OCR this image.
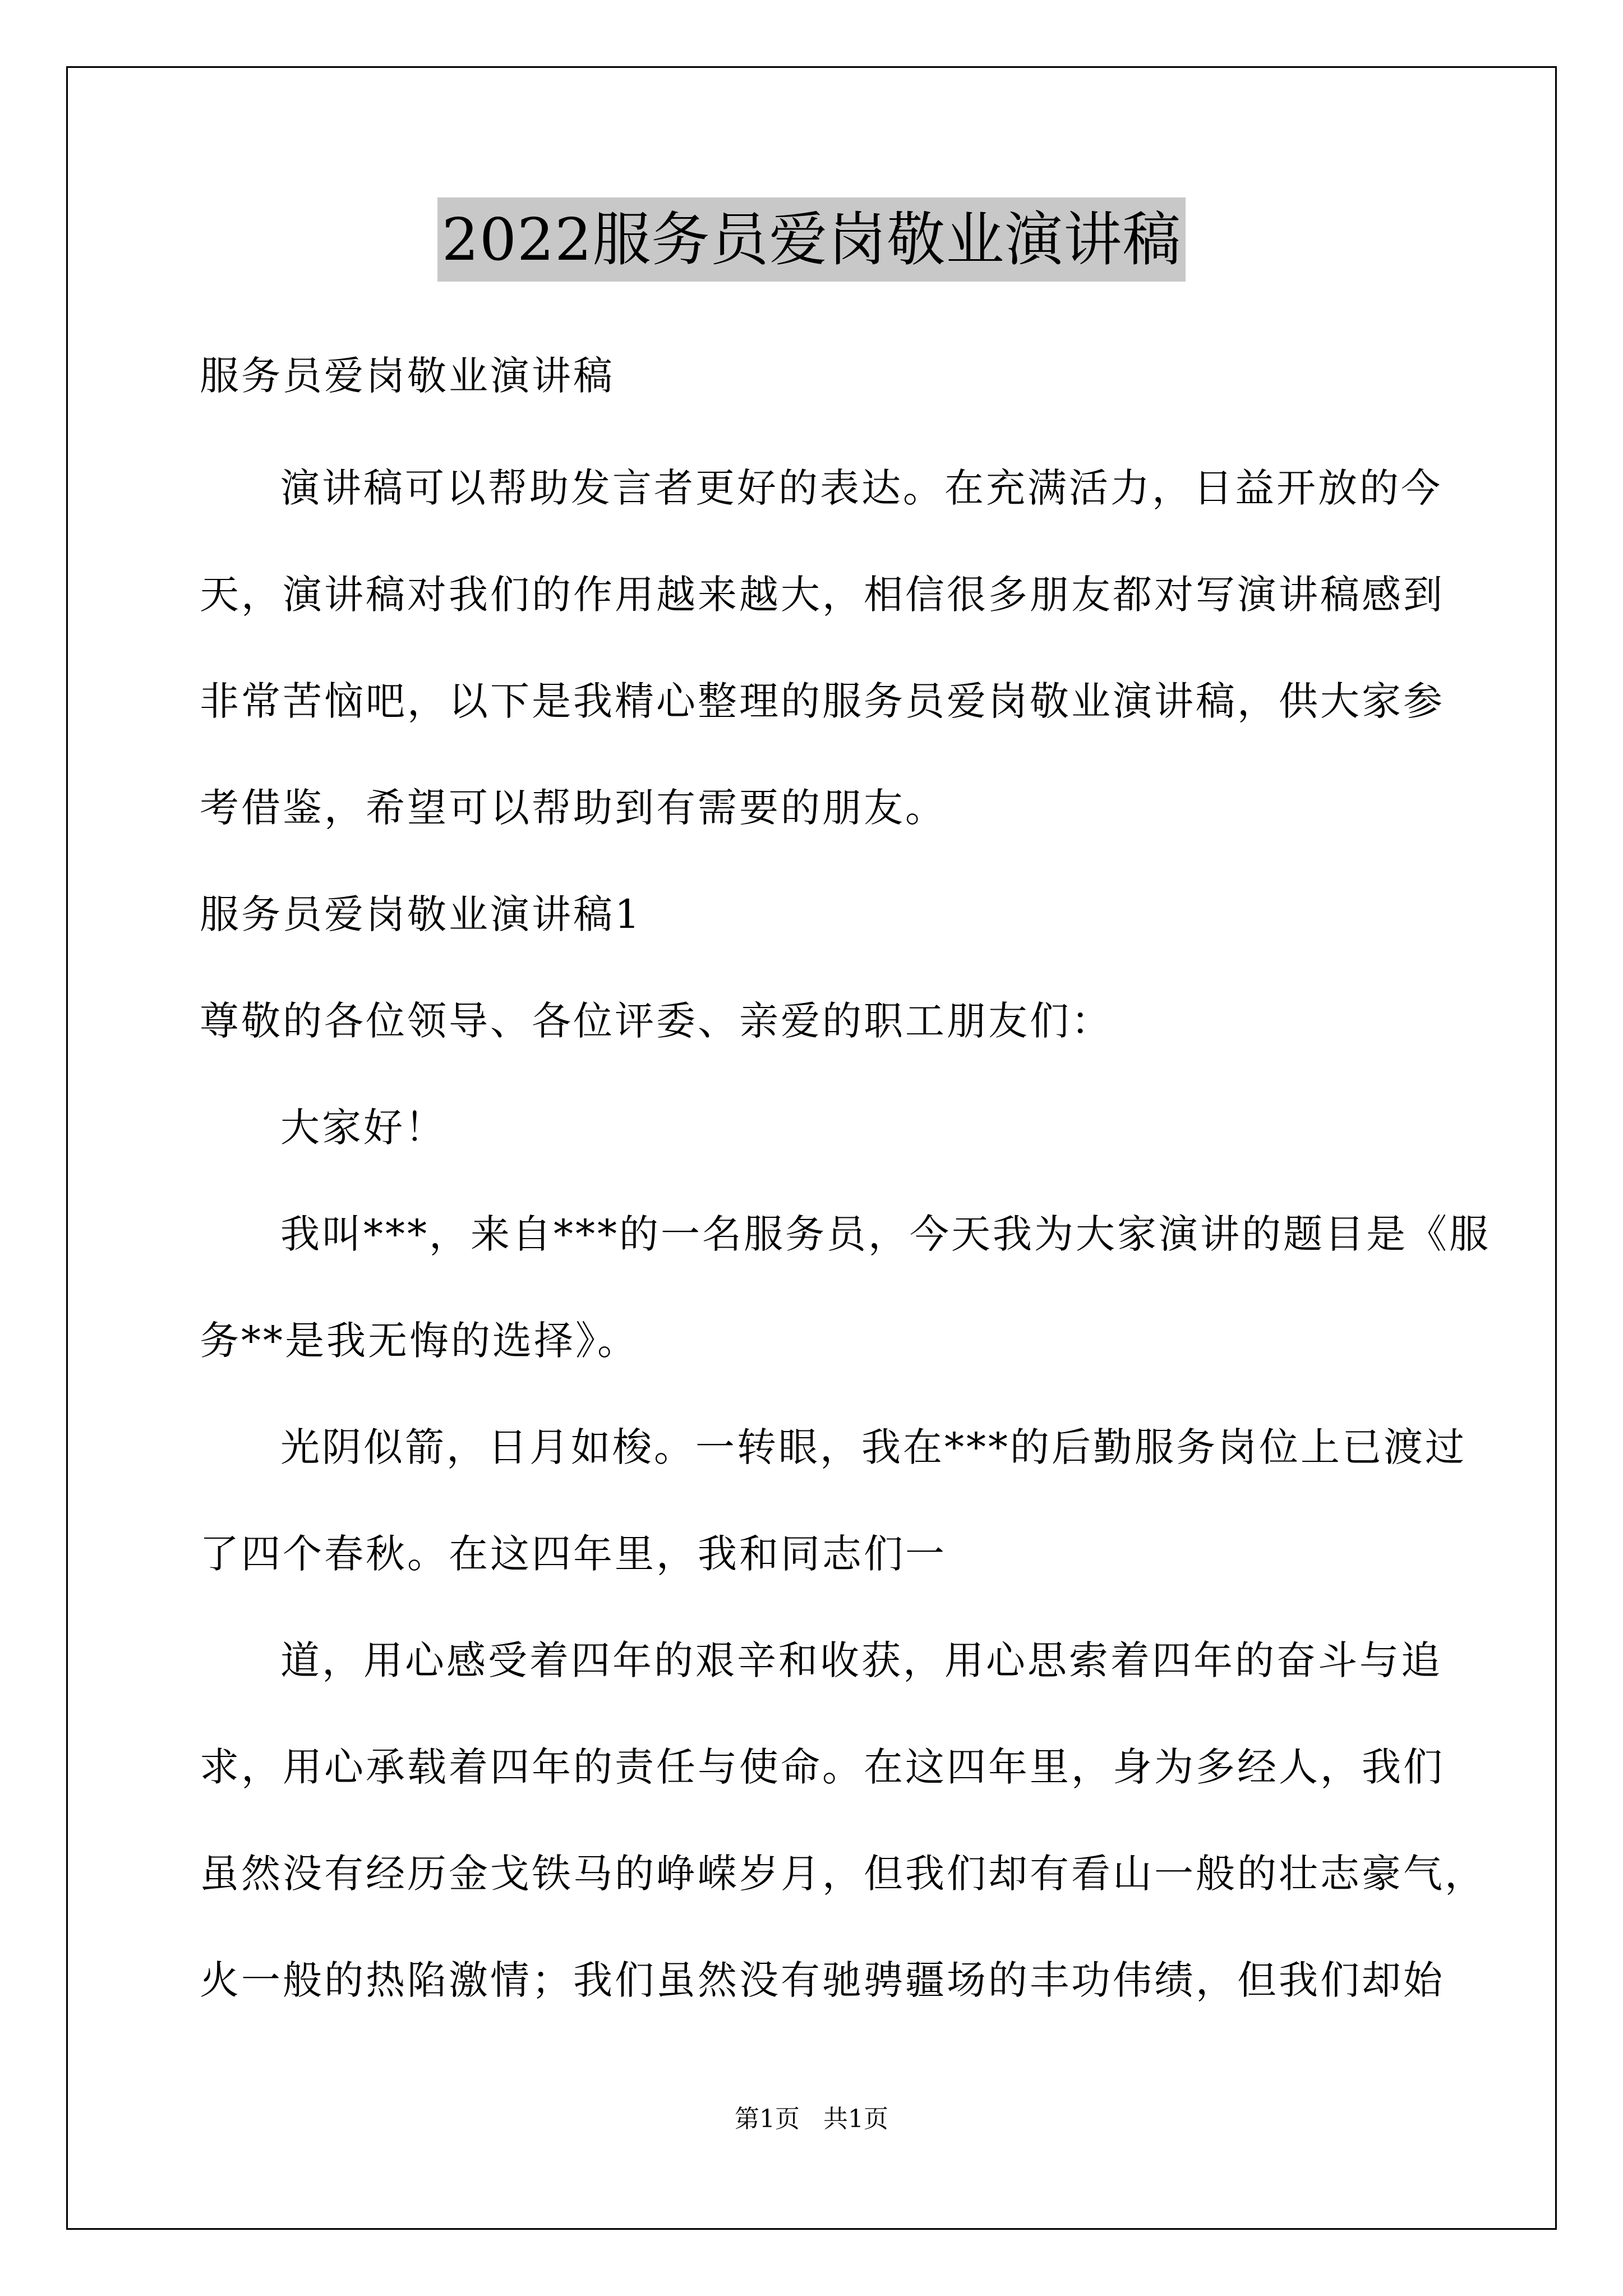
2022服务员爱岗敬业演讲稿
服务员爱岗敬业演讲稿
演讲稿可以帮助发言者更好的表达。在充满活力，日益开放的今
天，演讲稿对我们的作用越来越大，相信很多朋友都对写演讲稿感到
非常苦恼吧，以下是我精心整理的服务员爱岗敬业演讲稿，供大家参
考借鉴，希望可以帮助到有需要的朋友。
服务员爱岗敬业演讲稿1
尊敬的各位领导、各位评委、亲爱的职工朋友们：
大家好！
我叫***，来自***的一名服务员，今天我为大家演讲的题目是《服
务**是我无悔的选择》。
光阴似箭，日月如梭。一转眼，我在***的后勤服务岗位上已渡过
了四个春秋。在这四年里，我和同志们一
道，用心感受着四年的艰辛和收获，用心思索着四年的奋斗与追
求，用心承载着四年的责任与使命。在这四年里，身为多经人，我们
虽然没有经历金戈铁马的峥嵘岁月，但我们却有看山一般的壮志豪气，
火一般的热陷激情；我们虽然没有驰骋疆场的丰功伟绩，但我们却始
第1页 共1页
